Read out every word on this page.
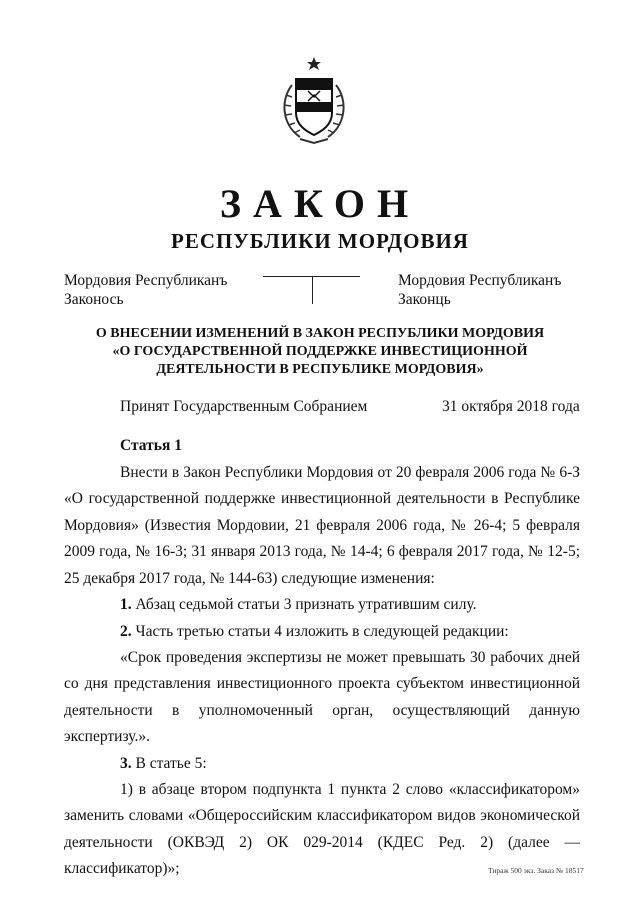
ЗАКОН
РЕСПУБЛИКИ МОРДОВИЯ
Мордовия Республиканъ
Законось
Мордовия Республиканъ
Законць
О ВНЕСЕНИИ ИЗМЕНЕНИЙ В ЗАКОН РЕСПУБЛИКИ МОРДОВИЯ
«О ГОСУДАРСТВЕННОЙ ПОДДЕРЖКЕ ИНВЕСТИЦИОННОЙ
ДЕЯТЕЛЬНОСТИ В РЕСПУБЛИКЕ МОРДОВИЯ»
Принят Государственным Собранием	31 октября 2018 года
Статья 1

Внести в Закон Республики Мордовия от 20 февраля 2006 года № 6-З «О государственной поддержке инвестиционной деятельности в Республике Мордовия» (Известия Мордовии, 21 февраля 2006 года, № 26-4; 5 февраля 2009 года, № 16-3; 31 января 2013 года, № 14-4; 6 февраля 2017 года, № 12-5; 25 декабря 2017 года, № 144-63) следующие изменения:

1. Абзац седьмой статьи 3 признать утратившим силу.

2. Часть третью статьи 4 изложить в следующей редакции:

«Срок проведения экспертизы не может превышать 30 рабочих дней со дня представления инвестиционного проекта субъектом инвестиционной деятельности в уполномоченный орган, осуществляющий данную экспертизу.».

3. В статье 5:

1) в абзаце втором подпункта 1 пункта 2 слово «классификатором» заменить словами «Общероссийским классификатором видов экономической деятельности (ОКВЭД 2) ОК 029-2014 (КДЕС Ред. 2) (далее — классификатор)»;	Тираж 500 экз. Заказ № 18517
